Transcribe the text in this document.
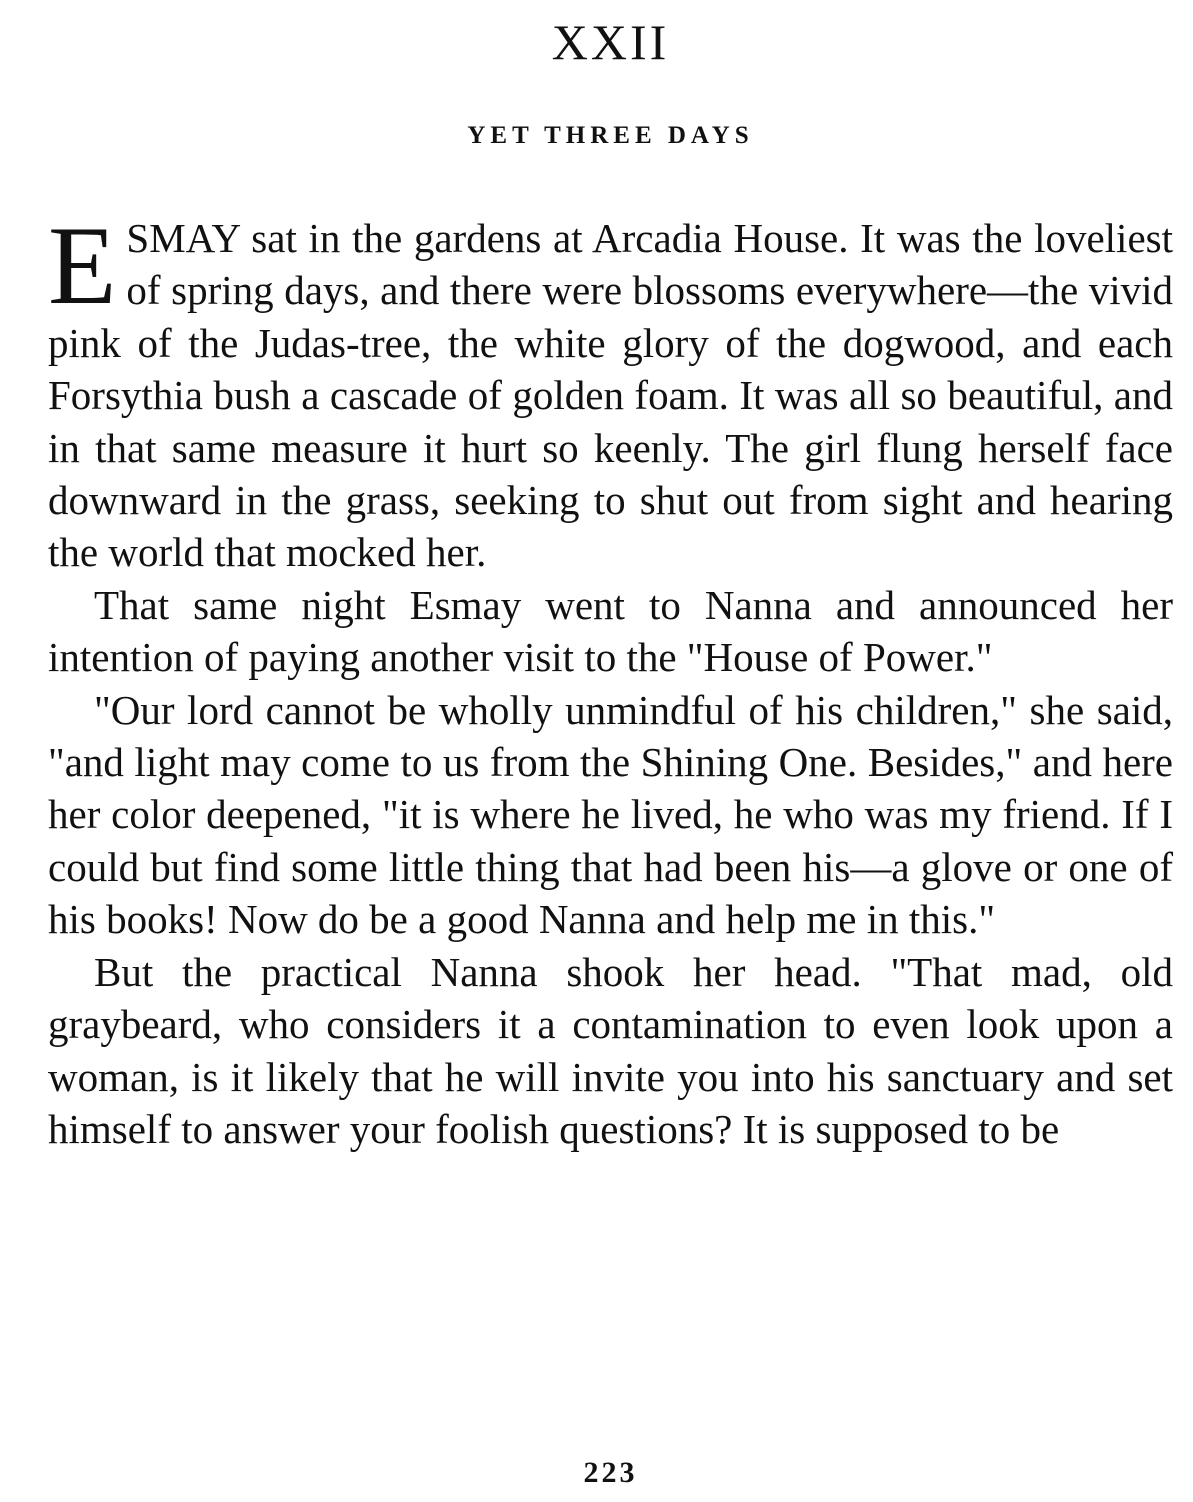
XXII
YET THREE DAYS

ESMAY sat in the gardens at Arcadia House. It was the loveliest of spring days, and there were blossoms everywhere—the vivid pink of the Judas-tree, the white glory of the dogwood, and each Forsythia bush a cascade of golden foam. It was all so beautiful, and in that same measure it hurt so keenly. The girl flung herself face downward in the grass, seeking to shut out from sight and hearing the world that mocked her.

That same night Esmay went to Nanna and announced her intention of paying another visit to the "House of Power."

"Our lord cannot be wholly unmindful of his children," she said, "and light may come to us from the Shining One. Besides," and here her color deepened, "it is where he lived, he who was my friend. If I could but find some little thing that had been his—a glove or one of his books! Now do be a good Nanna and help me in this."

But the practical Nanna shook her head. "That mad, old graybeard, who considers it a contamination to even look upon a woman, is it likely that he will invite you into his sanctuary and set himself to answer your foolish questions? It is supposed to be

223
